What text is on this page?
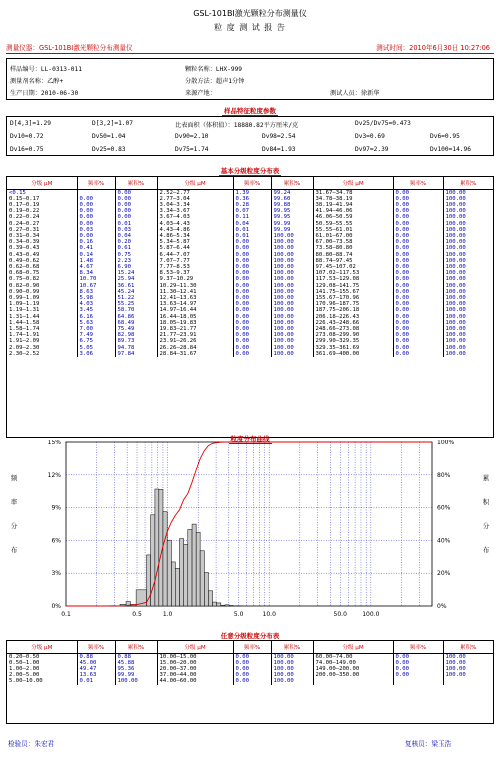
GSL-101BI激光颗粒分布测量仪
粒 度 测 试 报 告
测量仪器：GSL-101BI激光颗粒分布测量仪	测试时间：2010年6月30日 10:27:06
样品编号：LL-0313-011	颗粒名称：LHX-999
测量剂名称：乙醇+	分散方法：超声1分钟
生产日期：2010-06-30	来源产地：	测试人员：徐新华
样品特征粒度参数
D[4,3]=1.29	D[3,2]=1.07	比表面积（体积值）：18880.82平方厘米/克	Dv25/Dv75=0.473
Dv10=0.72	Dv50=1.04	Dv90=2.10	Dv98=2.54	Dv3=0.69	Dv6=0.95
Dv16=0.75	Dv25=0.83	Dv75=1.74	Dv84=1.93	Dv97=2.39	Dv100=14.96
基本分级粒度分布表
分级 μM	频率%	累积%	分级 μM	频率%	累积%	分级 μM	频率%	累积%
<0.15		0.00	2.52—2.77	1.39	99.24	31.67—34.78	0.00	100.00
0.15—0.17	0.00	0.00	2.77—3.04	0.36	99.60	34.78—38.19	0.00	100.00
0.17—0.19	0.00	0.00	3.04—3.34	0.28	99.88	38.19—41.94	0.00	100.00
0.19—0.22	0.00	0.00	3.34—3.67	0.07	99.95	41.94—46.06	0.00	100.00
0.22—0.24	0.00	0.00	3.67—4.03	0.11	99.95	46.06—50.59	0.00	100.00
0.24—0.27	0.00	0.01	4.03—4.43	0.04	99.99	50.59—55.55	0.00	100.00
0.27—0.31	0.03	0.03	4.43—4.86	0.01	99.99	55.55—61.01	0.00	100.00
0.31—0.34	0.00	0.04	4.86—5.34	0.01	100.00	61.01—67.00	0.00	100.00
0.34—0.39	0.16	0.20	5.34—5.87	0.00	100.00	67.00—73.58	0.00	100.00
0.39—0.43	0.41	0.61	5.87—6.44	0.00	100.00	73.58—80.80	0.00	100.00
0.43—0.49	0.14	0.75	6.44—7.07	0.00	100.00	80.80—88.74	0.00	100.00
0.49—0.62	1.48	2.23	7.07—7.77	0.00	100.00	88.74—97.45	0.00	100.00
0.62—0.68	4.67	6.90	7.77—8.53	0.00	100.00	97.45—107.02	0.00	100.00
0.68—0.75	8.34	15.24	8.53—9.37	0.00	100.00	107.02—117.53	0.00	100.00
0.75—0.82	10.70	25.94	9.37—10.29	0.00	100.00	117.53—129.08	0.00	100.00
0.82—0.90	10.67	36.61	10.29—11.30	0.00	100.00	129.08—141.75	0.00	100.00
0.90—0.99	8.63	45.24	11.30—12.41	0.00	100.00	141.75—155.67	0.00	100.00
0.99—1.09	5.98	51.22	12.41—13.63	0.00	100.00	155.67—170.96	0.00	100.00
1.09—1.19	4.03	55.25	13.63—14.97	0.00	100.00	170.96—187.75	0.00	100.00
1.19—1.31	3.45	58.70	14.97—16.44	0.00	100.00	187.75—206.18	0.00	100.00
1.31—1.44	6.16	64.86	16.44—18.05	0.00	100.00	206.18—226.43	0.00	100.00
1.44—1.58	5.63	68.49	18.05—19.83	0.00	100.00	226.43—248.66	0.00	100.00
1.58—1.74	7.00	75.49	19.83—21.77	0.00	100.00	248.66—273.08	0.00	100.00
1.74—1.91	7.49	82.98	21.77—23.91	0.00	100.00	273.08—299.90	0.00	100.00
1.91—2.09	6.75	89.73	23.91—26.26	0.00	100.00	299.90—329.35	0.00	100.00
2.09—2.30	5.05	94.78	26.26—28.84	0.00	100.00	329.35—361.69	0.00	100.00
2.30—2.52	3.06	97.84	28.84—31.67	0.00	100.00	361.69—400.00	0.00	100.00
粒度分布曲线
15%
12%
9%
6%
3%
0%
100%
80%
60%
40%
20%
0%
0.1	0.5	1.0	5.0	10.0	50.0	100.0
频
率
分
布
累
积
分
布
任意分级粒度分布表
分级 μM	频率%	累积%	分级 μM	频率%	累积%	分级 μM	频率%	累积%
0.20—0.50	0.88	0.88	10.00—15.00	0.00	100.00	60.00—74.00	0.00	100.00
0.50—1.00	45.00	45.88	15.00—20.00	0.00	100.00	74.00—149.00	0.00	100.00
1.00—2.00	49.47	95.36	20.00—37.00	0.00	100.00	149.00—200.00	0.00	100.00
2.00—5.00	13.63	99.99	37.00—44.00	0.00	100.00	200.00—350.00	0.00	100.00
5.00—10.00	0.01	100.00	44.00—60.00	0.00	100.00			
检验员：朱宏君	复核员：梁玉浩
